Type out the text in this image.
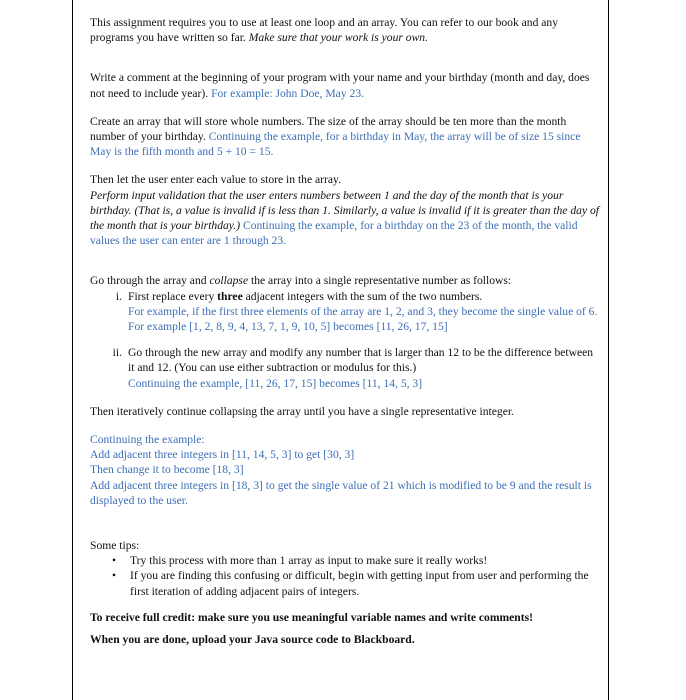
This assignment requires you to use at least one loop and an array. You can refer to our book and any programs you have written so far. Make sure that your work is your own.

Write a comment at the beginning of your program with your name and your birthday (month and day, does not need to include year). For example: John Doe, May 23.

Create an array that will store whole numbers. The size of the array should be ten more than the month number of your birthday. Continuing the example, for a birthday in May, the array will be of size 15 since May is the fifth month and 5 + 10 = 15.

Then let the user enter each value to store in the array.
Perform input validation that the user enters numbers between 1 and the day of the month that is your birthday. (That is, a value is invalid if is less than 1. Similarly, a value is invalid if it is greater than the day of the month that is your birthday.) Continuing the example, for a birthday on the 23 of the month, the valid values the user can enter are 1 through 23.

Go through the array and collapse the array into a single representative number as follows:

i. First replace every three adjacent integers with the sum of the two numbers.
For example, if the first three elements of the array are 1, 2, and 3, they become the single value of 6.
For example [1, 2, 8, 9, 4, 13, 7, 1, 9, 10, 5] becomes [11, 26, 17, 15]
ii. Go through the new array and modify any number that is larger than 12 to be the difference between it and 12. (You can use either subtraction or modulus for this.)
Continuing the example, [11, 26, 17, 15] becomes [11, 14, 5, 3]

Then iteratively continue collapsing the array until you have a single representative integer.

Continuing the example:
Add adjacent three integers in [11, 14, 5, 3] to get [30, 3]
Then change it to become [18, 3]
Add adjacent three integers in [18, 3] to get the single value of 21 which is modified to be 9 and the result is displayed to the user.

Some tips:

•	Try this process with more than 1 array as input to make sure it really works!
•	If you are finding this confusing or difficult, begin with getting input from user and performing the first iteration of adding adjacent pairs of integers.

To receive full credit: make sure you use meaningful variable names and write comments!

When you are done, upload your Java source code to Blackboard.
